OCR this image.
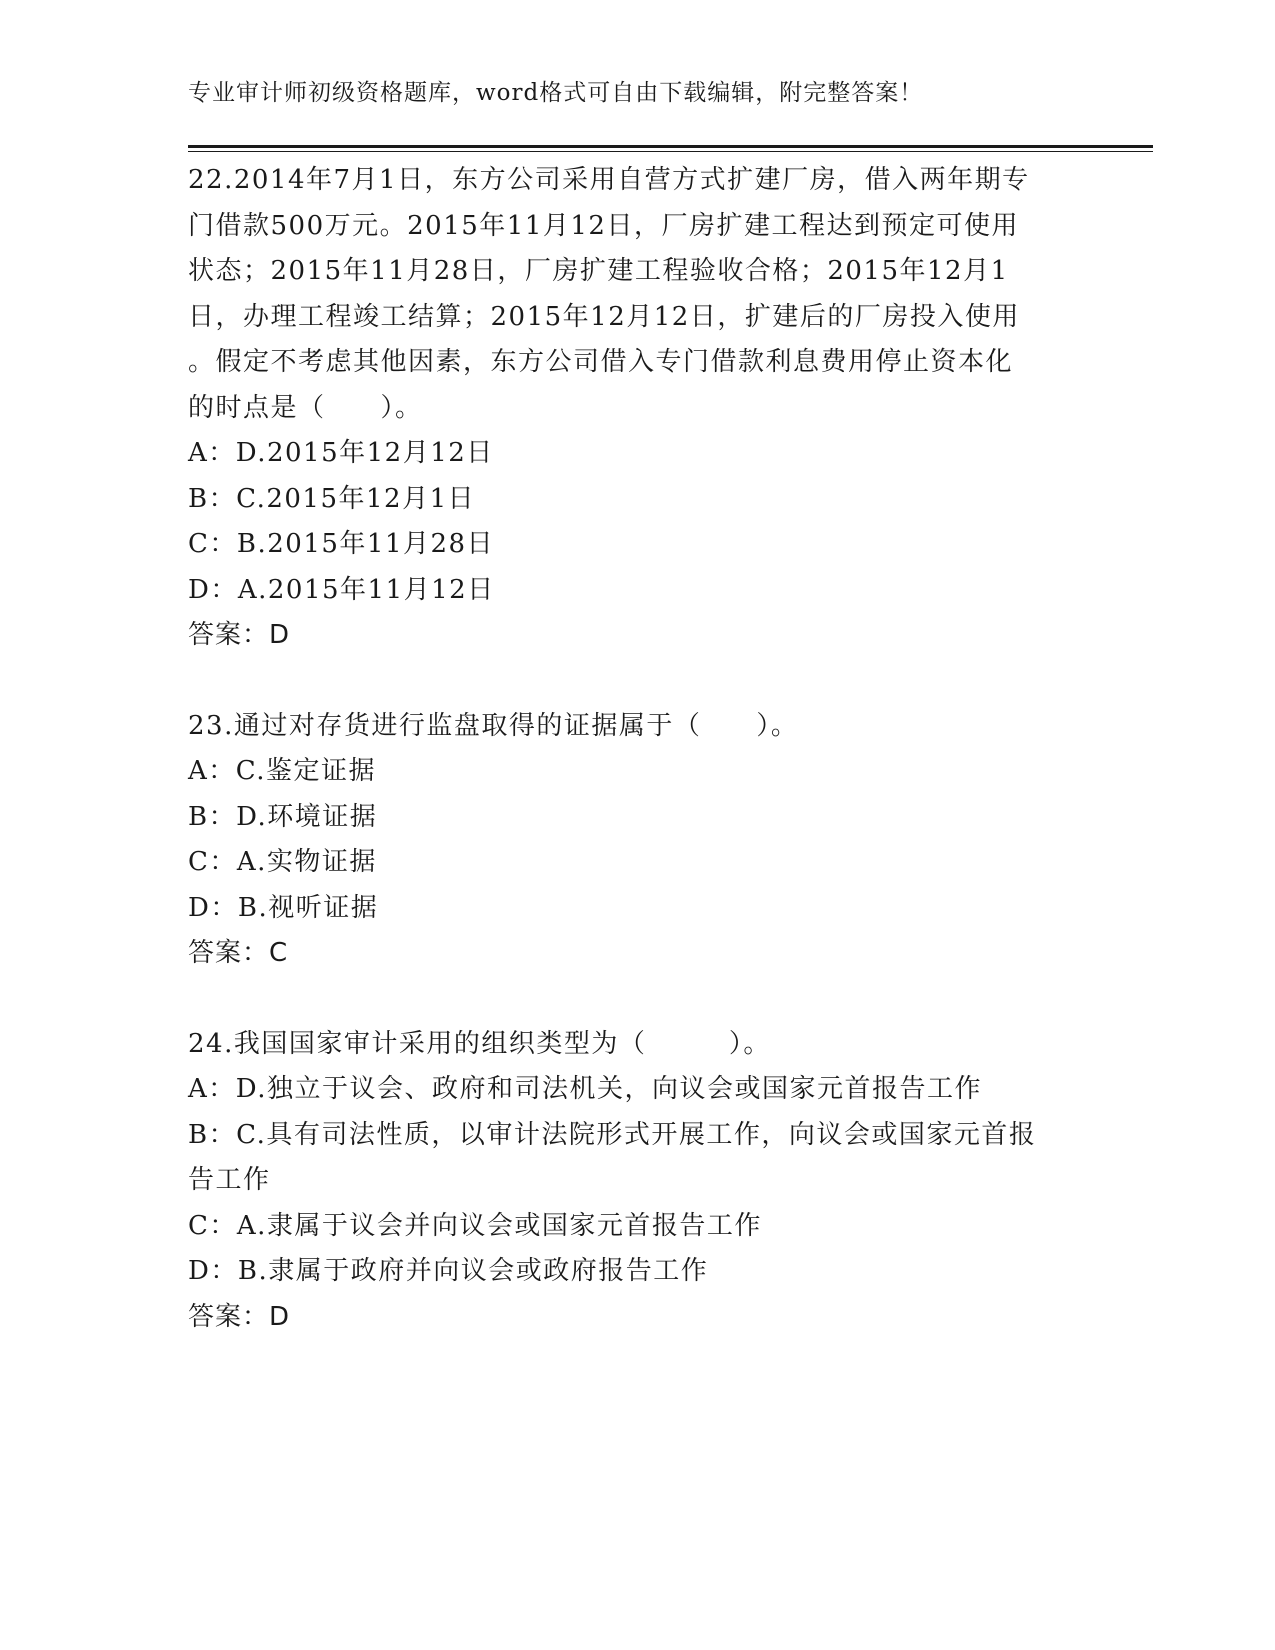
专业审计师初级资格题库，word格式可自由下载编辑，附完整答案！
22.2014年7月1日，东方公司采用自营方式扩建厂房，借入两年期专
门借款500万元。2015年11月12日，厂房扩建工程达到预定可使用
状态；2015年11月28日，厂房扩建工程验收合格；2015年12月1
日，办理工程竣工结算；2015年12月12日，扩建后的厂房投入使用
。假定不考虑其他因素，东方公司借入专门借款利息费用停止资本化
的时点是（　　）。
A：D.2015年12月12日
B：C.2015年12月1日
C：B.2015年11月28日
D：A.2015年11月12日
答案：D
23.通过对存货进行监盘取得的证据属于（　　）。
A：C.鉴定证据
B：D.环境证据
C：A.实物证据
D：B.视听证据
答案：C
24.我国国家审计采用的组织类型为（　　　）。
A：D.独立于议会、政府和司法机关，向议会或国家元首报告工作
B：C.具有司法性质，以审计法院形式开展工作，向议会或国家元首报
告工作
C：A.隶属于议会并向议会或国家元首报告工作
D：B.隶属于政府并向议会或政府报告工作
答案：D
